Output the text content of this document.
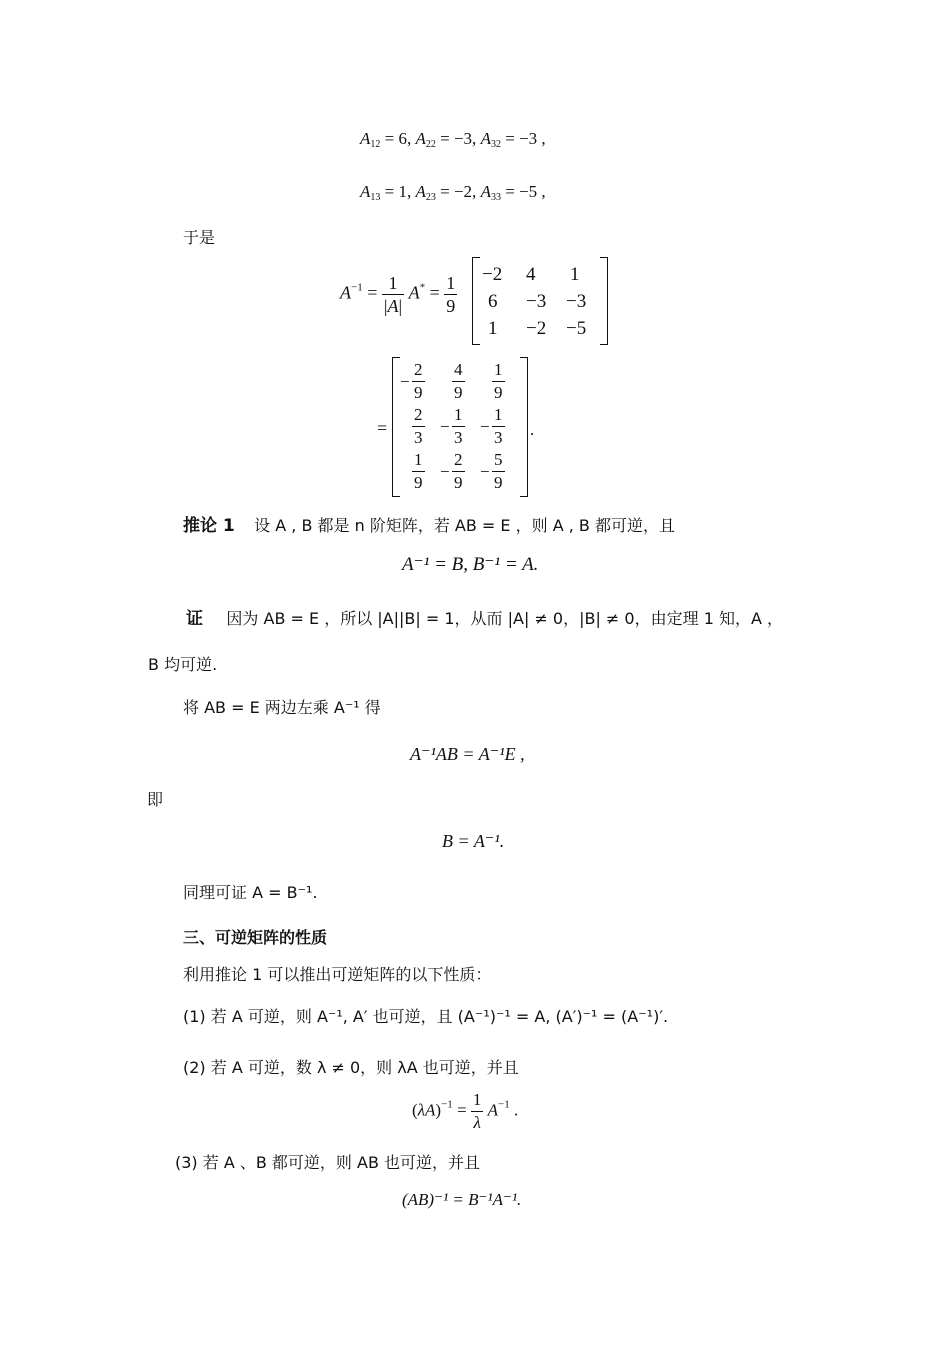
$A_{12} = 6$, $A_{22} = -3$, $A_{32} = -3$ ,
$A_{13} = 1$, $A_{23} = -2$, $A_{33} = -5$ ,
于是
$A^{-1} = \frac{1}{|A|} A^* = \frac{1}{9} -2$	4	1
6	−3	−3
1	−2	−5
=
− $\frac{2}{9}$	$\frac{4}{9}$	$\frac{1}{9}$

$\frac{2}{3}$	− $\frac{1}{3}$	− $\frac{1}{3}$

$\frac{1}{9}$	− $\frac{2}{9}$	− $\frac{5}{9}$
.
推论 1 设 A , B 都是 n 阶矩阵，若 AB = E ，则 A , B 都可逆，且
A⁻¹ = B, B⁻¹ = A.
证 因为 AB = E ，所以 |A||B| = 1，从而 |A| ≠ 0，|B| ≠ 0，由定理 1 知，A ，
B 均可逆.
将 AB = E 两边左乘 A⁻¹ 得
A⁻¹AB = A⁻¹E ,
即
B = A⁻¹.
同理可证 A = B⁻¹.
三、可逆矩阵的性质
利用推论 1 可以推出可逆矩阵的以下性质：
(1) 若 A 可逆，则 A⁻¹, A′ 也可逆，且 (A⁻¹)⁻¹ = A, (A′)⁻¹ = (A⁻¹)′.
(2) 若 A 可逆，数 λ ≠ 0，则 λA 也可逆，并且
$(\lambda A)^{-1} = \frac{1}{\lambda} A^{-1}$ .
(3) 若 A 、B 都可逆，则 AB 也可逆，并且
(AB)⁻¹ = B⁻¹A⁻¹.
